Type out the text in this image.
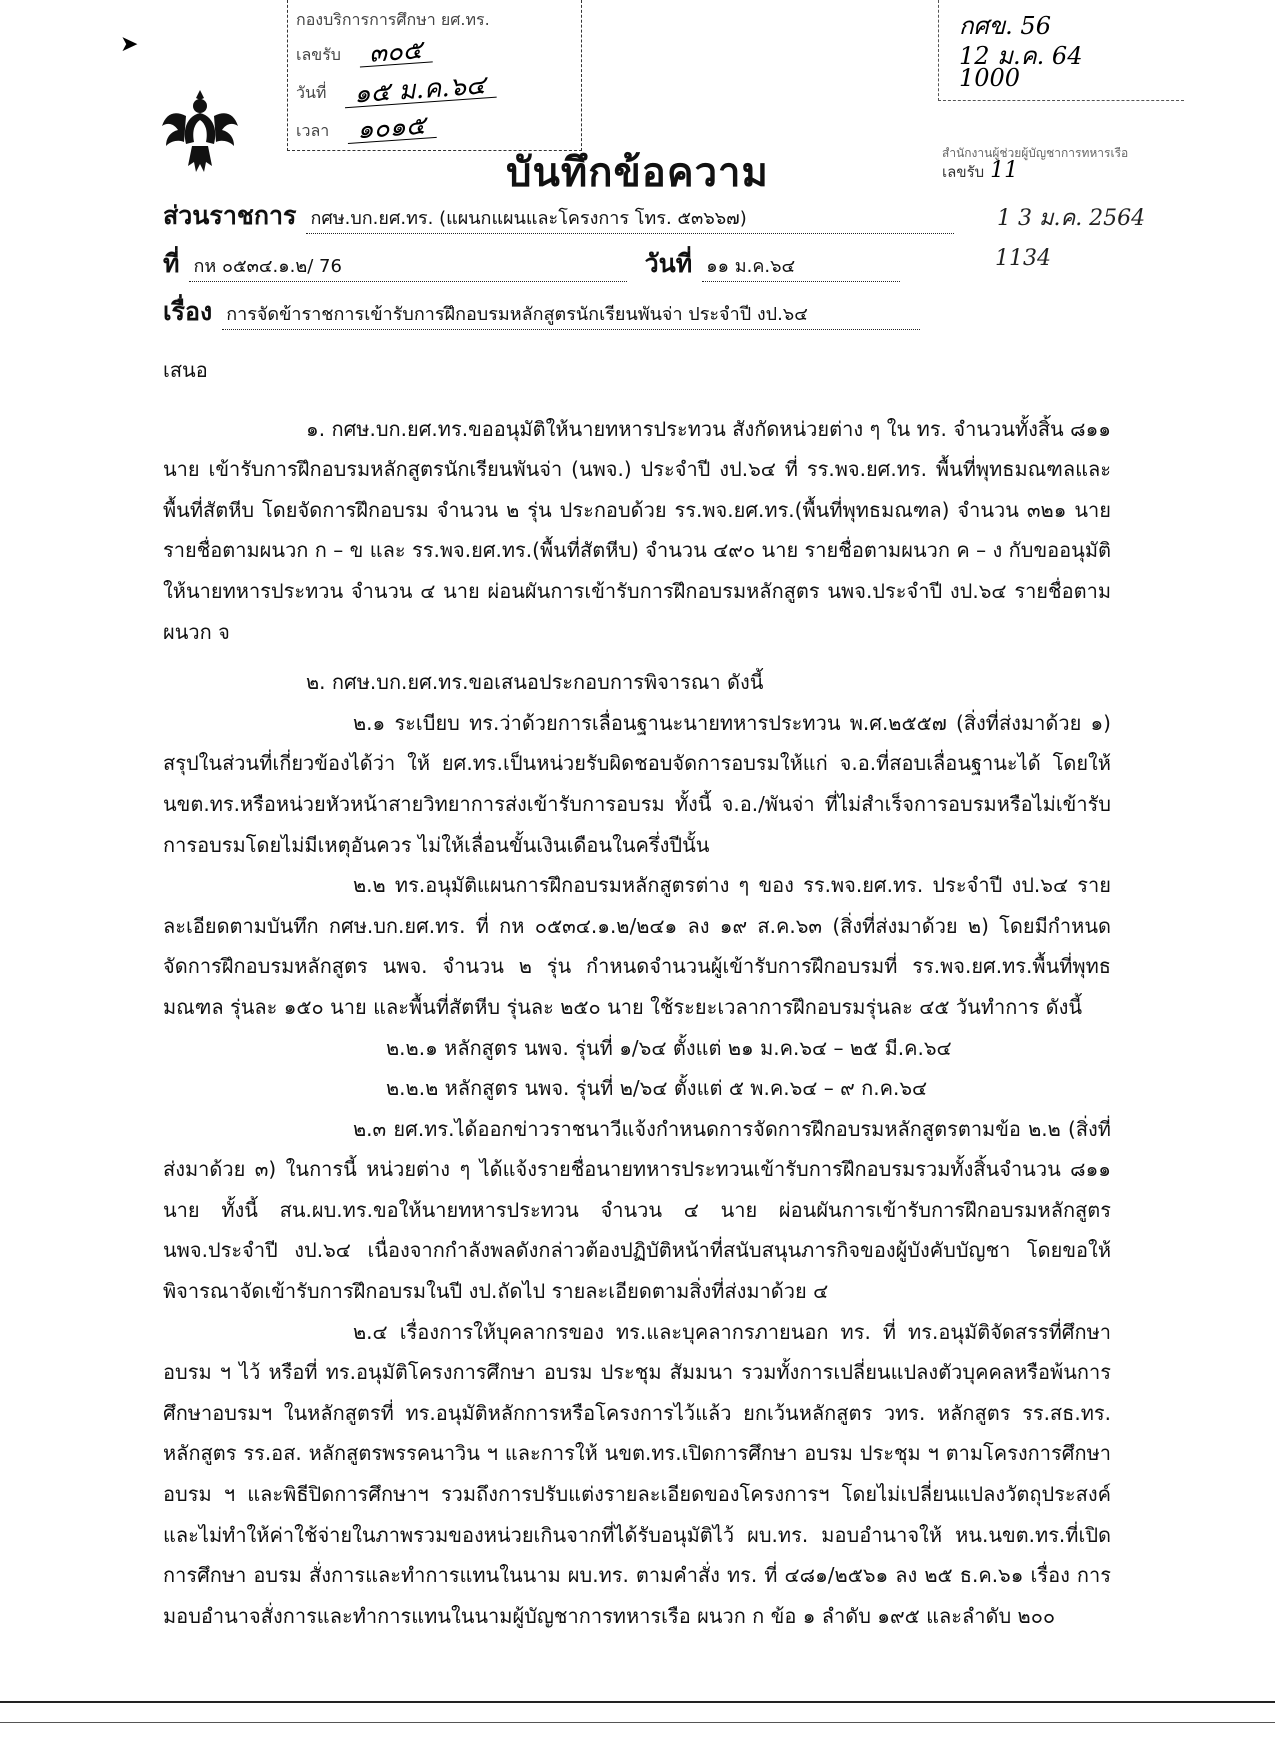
กองบริการการศึกษา ยศ.ทร.
เลขรับ ๓๐๕
วันที่ ๑๕ ม.ค.๖๔
เวลา ๑๐๑๕
กศข. 56
12 ม.ค. 64
1000
สำนักงานผู้ช่วยผู้บัญชาการทหารเรือ
เลขรับ 11
➤
บันทึกข้อความ
ส่วนราชการ กศษ.บก.ยศ.ทร. (แผนกแผนและโครงการ โทร. ๕๓๖๖๗)	1 3 ม.ค. 2564
ที่ กห ๐๕๓๔.๑.๒/ 76	วันที่ ๑๑ ม.ค.๖๔	1134
เรื่อง การจัดข้าราชการเข้ารับการฝึกอบรมหลักสูตรนักเรียนพันจ่า ประจำปี งป.๖๔

เสนอ

๑. กศษ.บก.ยศ.ทร.ขออนุมัติให้นายทหารประทวน สังกัดหน่วยต่าง ๆ ใน ทร. จำนวนทั้งสิ้น ๘๑๑ นาย เข้ารับการฝึกอบรมหลักสูตรนักเรียนพันจ่า (นพจ.) ประจำปี งป.๖๔ ที่ รร.พจ.ยศ.ทร. พื้นที่พุทธมณฑลและพื้นที่สัตหีบ โดยจัดการฝึกอบรม จำนวน ๒ รุ่น ประกอบด้วย รร.พจ.ยศ.ทร.(พื้นที่พุทธมณฑล) จำนวน ๓๒๑ นาย รายชื่อตามผนวก ก – ข และ รร.พจ.ยศ.ทร.(พื้นที่สัตหีบ) จำนวน ๔๙๐ นาย รายชื่อตามผนวก ค – ง กับขออนุมัติให้นายทหารประทวน จำนวน ๔ นาย ผ่อนผันการเข้ารับการฝึกอบรมหลักสูตร นพจ.ประจำปี งป.๖๔ รายชื่อตามผนวก จ

๒. กศษ.บก.ยศ.ทร.ขอเสนอประกอบการพิจารณา ดังนี้

๒.๑ ระเบียบ ทร.ว่าด้วยการเลื่อนฐานะนายทหารประทวน พ.ศ.๒๕๕๗ (สิ่งที่ส่งมาด้วย ๑) สรุปในส่วนที่เกี่ยวข้องได้ว่า ให้ ยศ.ทร.เป็นหน่วยรับผิดชอบจัดการอบรมให้แก่ จ.อ.ที่สอบเลื่อนฐานะได้ โดยให้ นขต.ทร.หรือหน่วยหัวหน้าสายวิทยาการส่งเข้ารับการอบรม ทั้งนี้ จ.อ./พันจ่า ที่ไม่สำเร็จการอบรมหรือไม่เข้ารับการอบรมโดยไม่มีเหตุอันควร ไม่ให้เลื่อนขั้นเงินเดือนในครึ่งปีนั้น

๒.๒ ทร.อนุมัติแผนการฝึกอบรมหลักสูตรต่าง ๆ ของ รร.พจ.ยศ.ทร. ประจำปี งป.๖๔ รายละเอียดตามบันทึก กศษ.บก.ยศ.ทร. ที่ กห ๐๕๓๔.๑.๒/๒๔๑ ลง ๑๙ ส.ค.๖๓ (สิ่งที่ส่งมาด้วย ๒) โดยมีกำหนดจัดการฝึกอบรมหลักสูตร นพจ. จำนวน ๒ รุ่น กำหนดจำนวนผู้เข้ารับการฝึกอบรมที่ รร.พจ.ยศ.ทร.พื้นที่พุทธมณฑล รุ่นละ ๑๕๐ นาย และพื้นที่สัตหีบ รุ่นละ ๒๕๐ นาย ใช้ระยะเวลาการฝึกอบรมรุ่นละ ๔๕ วันทำการ ดังนี้

๒.๒.๑ หลักสูตร นพจ. รุ่นที่ ๑/๖๔ ตั้งแต่ ๒๑ ม.ค.๖๔ – ๒๕ มี.ค.๖๔

๒.๒.๒ หลักสูตร นพจ. รุ่นที่ ๒/๖๔ ตั้งแต่ ๕ พ.ค.๖๔ – ๙ ก.ค.๖๔

๒.๓ ยศ.ทร.ได้ออกข่าวราชนาวีแจ้งกำหนดการจัดการฝึกอบรมหลักสูตรตามข้อ ๒.๒ (สิ่งที่ส่งมาด้วย ๓) ในการนี้ หน่วยต่าง ๆ ได้แจ้งรายชื่อนายทหารประทวนเข้ารับการฝึกอบรมรวมทั้งสิ้นจำนวน ๘๑๑ นาย ทั้งนี้ สน.ผบ.ทร.ขอให้นายทหารประทวน จำนวน ๔ นาย ผ่อนผันการเข้ารับการฝึกอบรมหลักสูตร นพจ.ประจำปี งป.๖๔ เนื่องจากกำลังพลดังกล่าวต้องปฏิบัติหน้าที่สนับสนุนภารกิจของผู้บังคับบัญชา โดยขอให้พิจารณาจัดเข้ารับการฝึกอบรมในปี งป.ถัดไป รายละเอียดตามสิ่งที่ส่งมาด้วย ๔

๒.๔ เรื่องการให้บุคลากรของ ทร.และบุคลากรภายนอก ทร. ที่ ทร.อนุมัติจัดสรรที่ศึกษา อบรม ฯ ไว้ หรือที่ ทร.อนุมัติโครงการศึกษา อบรม ประชุม สัมมนา รวมทั้งการเปลี่ยนแปลงตัวบุคคลหรือพ้นการศึกษาอบรมฯ ในหลักสูตรที่ ทร.อนุมัติหลักการหรือโครงการไว้แล้ว ยกเว้นหลักสูตร วทร. หลักสูตร รร.สธ.ทร. หลักสูตร รร.อส. หลักสูตรพรรคนาวิน ฯ และการให้ นขต.ทร.เปิดการศึกษา อบรม ประชุม ฯ ตามโครงการศึกษา อบรม ฯ และพิธีปิดการศึกษาฯ รวมถึงการปรับแต่งรายละเอียดของโครงการฯ โดยไม่เปลี่ยนแปลงวัตถุประสงค์และไม่ทำให้ค่าใช้จ่ายในภาพรวมของหน่วยเกินจากที่ได้รับอนุมัติไว้ ผบ.ทร. มอบอำนาจให้ หน.นขต.ทร.ที่เปิดการศึกษา อบรม สั่งการและทำการแทนในนาม ผบ.ทร. ตามคำสั่ง ทร. ที่ ๔๘๑/๒๕๖๑ ลง ๒๕ ธ.ค.๖๑ เรื่อง การมอบอำนาจสั่งการและทำการแทนในนามผู้บัญชาการทหารเรือ ผนวก ก ข้อ ๑ ลำดับ ๑๙๕ และลำดับ ๒๐๐
